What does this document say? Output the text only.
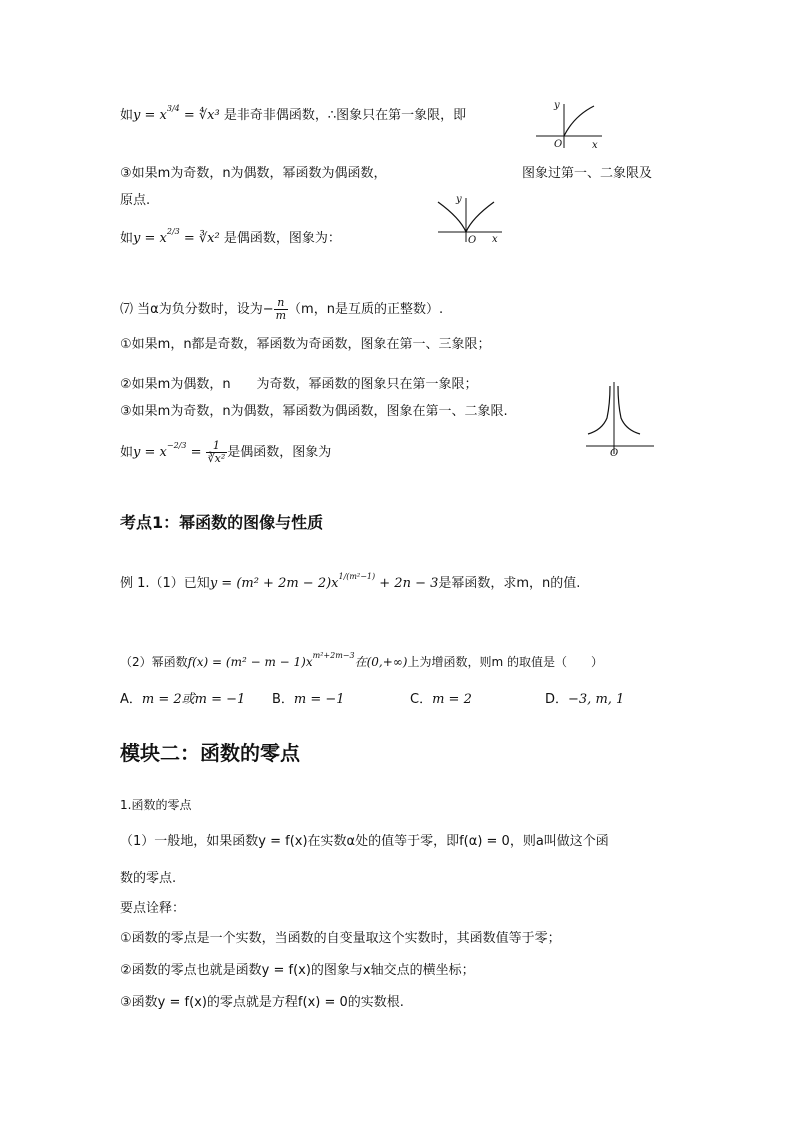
如$y = x^{3/4}$ = ∜x³ 是非奇非偶函数，∴图象只在第一象限，即
y
x
O
③如果m为奇数，n为偶数，幂函数为偶函数，	图象过第一、二象限及
原点.	y
x
O
如$y = x^{2/3}$ = ∛x² 是偶函数，图象为：
⑺ 当α为负分数时，设为− $\frac{n}{m} (m$，n是互质的正整数）.
①如果m，n都是奇数，幂函数为奇函数，图象在第一、三象限；
②如果m为偶数，n　　为奇数，幂函数的图象只在第一象限；
③如果m为奇数，n为偶数，幂函数为偶函数，图象在第一、二象限.
O
如$y = x^{-2/3} = \frac{1}{\text{∛x²}}$ 是偶函数，图象为
考点1：幂函数的图像与性质
例 1.（1）已知$y = (m^2 + 2m - 2)x^{1/(m^2-1)} + 2n - 3$是幂函数，求m，n的值.
（2）幂函数$f(x) = (m^2 - m - 1)x^{m^2+2m-3}$在(0,+∞)上为增函数，则m 的取值是（　　）
A．m = 2或m = −1 B．m = −1	C．m = 2	D．−3, m, 1
模块二：函数的零点
1.函数的零点
（1）一般地，如果函数y = f(x)在实数α处的值等于零，即f(α) = 0，则a叫做这个函
数的零点.
要点诠释：
①函数的零点是一个实数，当函数的自变量取这个实数时，其函数值等于零；
②函数的零点也就是函数y = f(x)的图象与x轴交点的横坐标；
③函数y = f(x)的零点就是方程f(x) = 0的实数根.
